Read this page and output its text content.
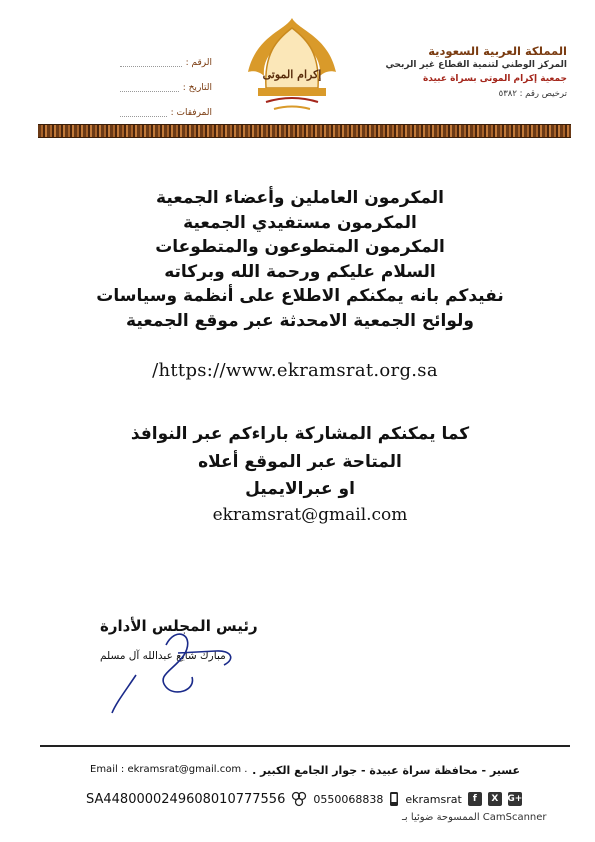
الرقم :
التاريخ :
المرفقات :
إكرام الموتى
المملكة العربية السعودية
المركز الوطني لتنمية القطاع غير الربحي
جمعية إكرام الموتى بسراة عبيدة
ترخيص رقم : ٥٣٨٢
المكرمون العاملين وأعضاء الجمعية
المكرمون مستفيدي الجمعية
المكرمون المتطوعون والمتطوعات
السلام عليكم ورحمة الله وبركاته
نفيدكم بانه يمكنكم الاطلاع على أنظمة وسياسات
ولوائح الجمعية الامحدثة عبر موقع الجمعية
/https://www.ekramsrat.org.sa
كما يمكنكم المشاركة باراءكم عبر النوافذ
المتاحة عبر الموقع أعلاه
او عبرالايميل
ekramsrat@gmail.com
رئيس المجلس الأدارة
مبارك شايع عبدالله آل مسلم
Email : ekramsrat@gmail.com . عسير - محافظة سراة عبيدة - جوار الجامع الكبير .
SA4480000249608010777556	0550068838 ekramsrat	f	X	G+
الممسوحة ضوئيا بـ CamScanner
